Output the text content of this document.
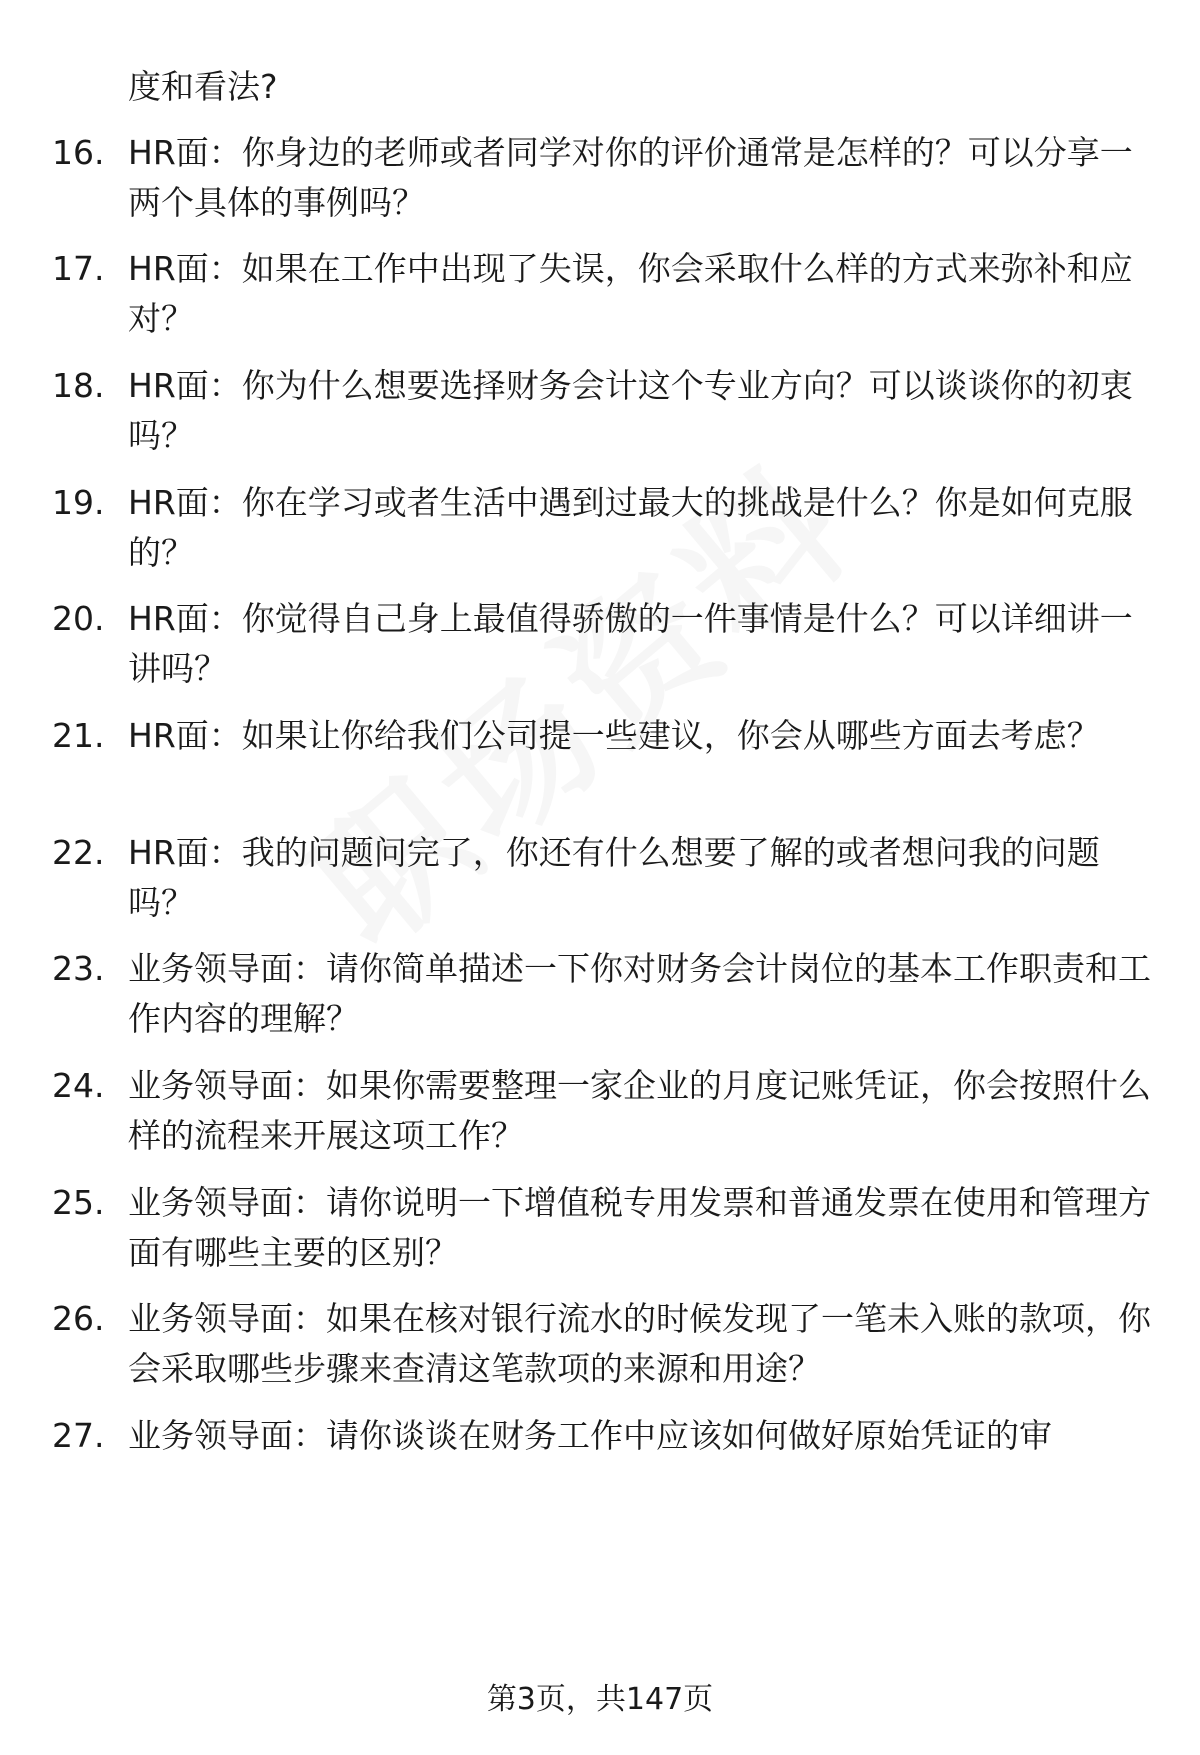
度和看法?
16. HR面：你身边的老师或者同学对你的评价通常是怎样的？可以分享一两个具体的事例吗？
17. HR面：如果在工作中出现了失误，你会采取什么样的方式来弥补和应对？
18. HR面：你为什么想要选择财务会计这个专业方向？可以谈谈你的初衷吗？
19. HR面：你在学习或者生活中遇到过最大的挑战是什么？你是如何克服的？
20. HR面：你觉得自己身上最值得骄傲的一件事情是什么？可以详细讲一讲吗？
21. HR面：如果让你给我们公司提一些建议，你会从哪些方面去考虑？
22. HR面：我的问题问完了，你还有什么想要了解的或者想问我的问题吗？
23. 业务领导面：请你简单描述一下你对财务会计岗位的基本工作职责和工作内容的理解？
24. 业务领导面：如果你需要整理一家企业的月度记账凭证，你会按照什么样的流程来开展这项工作？
25. 业务领导面：请你说明一下增值税专用发票和普通发票在使用和管理方面有哪些主要的区别？
26. 业务领导面：如果在核对银行流水的时候发现了一笔未入账的款项，你会采取哪些步骤来查清这笔款项的来源和用途？
27. 业务领导面：请你谈谈在财务工作中应该如何做好原始凭证的审
第3页，共147页
